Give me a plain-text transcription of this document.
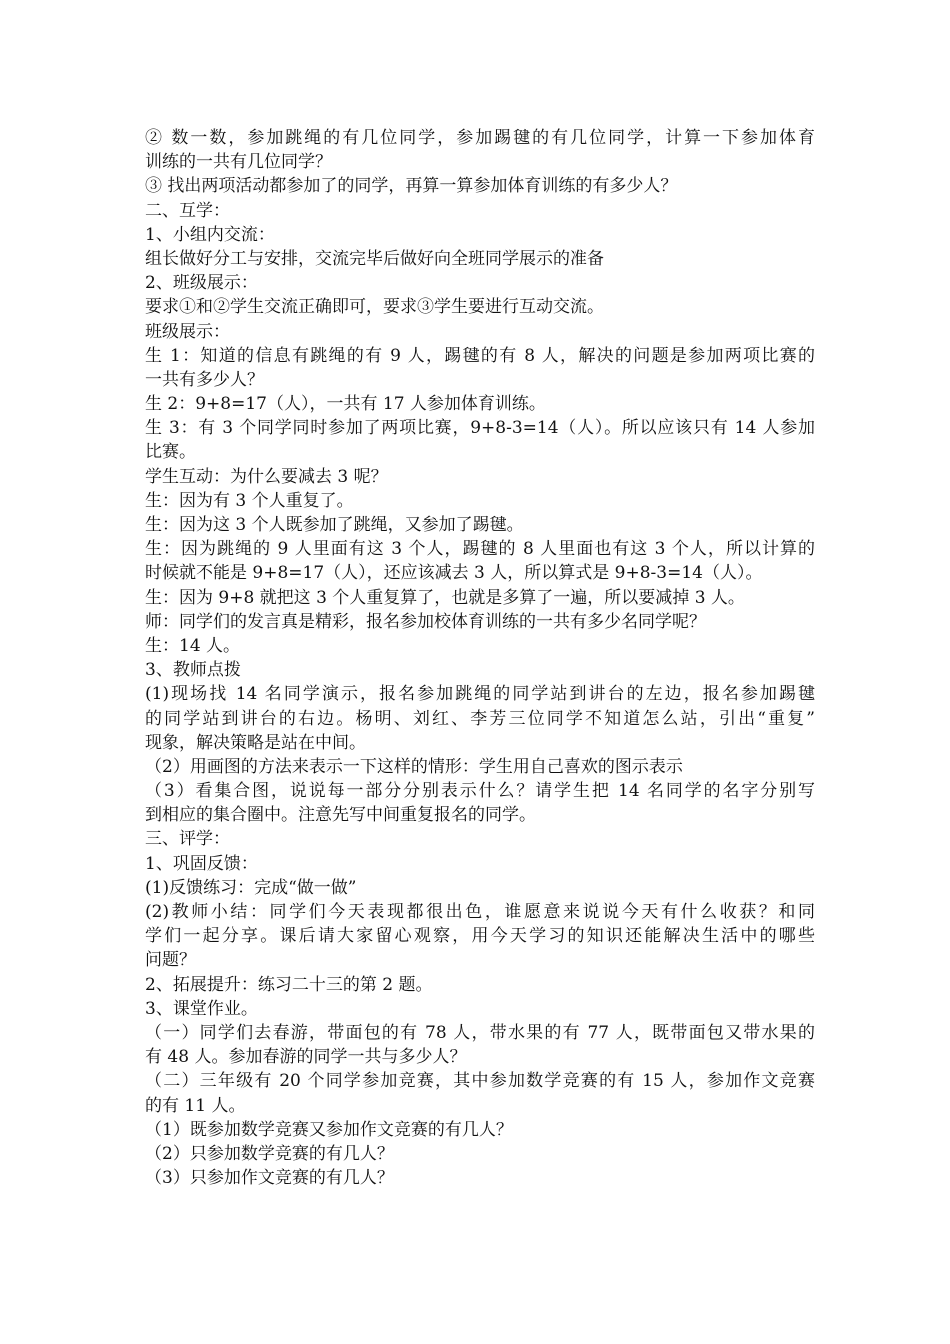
② 数一数，参加跳绳的有几位同学，参加踢毽的有几位同学，计算一下参加体育
训练的一共有几位同学？
③ 找出两项活动都参加了的同学，再算一算参加体育训练的有多少人？
二、互学：
1、小组内交流：
组长做好分工与安排，交流完毕后做好向全班同学展示的准备
2、班级展示：
要求①和②学生交流正确即可，要求③学生要进行互动交流。
班级展示：
生 1：知道的信息有跳绳的有 9 人，踢毽的有 8 人，解决的问题是参加两项比赛的
一共有多少人？
生 2：9+8=17（人），一共有 17 人参加体育训练。
生 3：有 3 个同学同时参加了两项比赛，9+8-3=14（人）。所以应该只有 14 人参加
比赛。
学生互动：为什么要减去 3 呢？
生：因为有 3 个人重复了。
生：因为这 3 个人既参加了跳绳，又参加了踢毽。
生：因为跳绳的 9 人里面有这 3 个人，踢毽的 8 人里面也有这 3 个人，所以计算的
时候就不能是 9+8=17（人），还应该减去 3 人，所以算式是 9+8-3=14（人）。
生：因为 9+8 就把这 3 个人重复算了，也就是多算了一遍，所以要减掉 3 人。
师：同学们的发言真是精彩，报名参加校体育训练的一共有多少名同学呢？
生：14 人。
3、教师点拨
(1)现场找 14 名同学演示，报名参加跳绳的同学站到讲台的左边，报名参加踢毽
的同学站到讲台的右边。杨明、刘红、李芳三位同学不知道怎么站，引出“重复”
现象，解决策略是站在中间。
（2）用画图的方法来表示一下这样的情形：学生用自己喜欢的图示表示
（3）看集合图，说说每一部分分别表示什么？请学生把 14 名同学的名字分别写
到相应的集合圈中。注意先写中间重复报名的同学。
三、评学：
1、巩固反馈：
(1)反馈练习：完成“做一做”
(2)教师小结：同学们今天表现都很出色，谁愿意来说说今天有什么收获？和同
学们一起分享。课后请大家留心观察，用今天学习的知识还能解决生活中的哪些
问题？
2、拓展提升：练习二十三的第 2 题。
3、课堂作业。
（一）同学们去春游，带面包的有 78 人，带水果的有 77 人，既带面包又带水果的
有 48 人。参加春游的同学一共与多少人？
（二）三年级有 20 个同学参加竞赛，其中参加数学竞赛的有 15 人，参加作文竞赛
的有 11 人。
（1）既参加数学竞赛又参加作文竞赛的有几人？
（2）只参加数学竞赛的有几人？
（3）只参加作文竞赛的有几人？
